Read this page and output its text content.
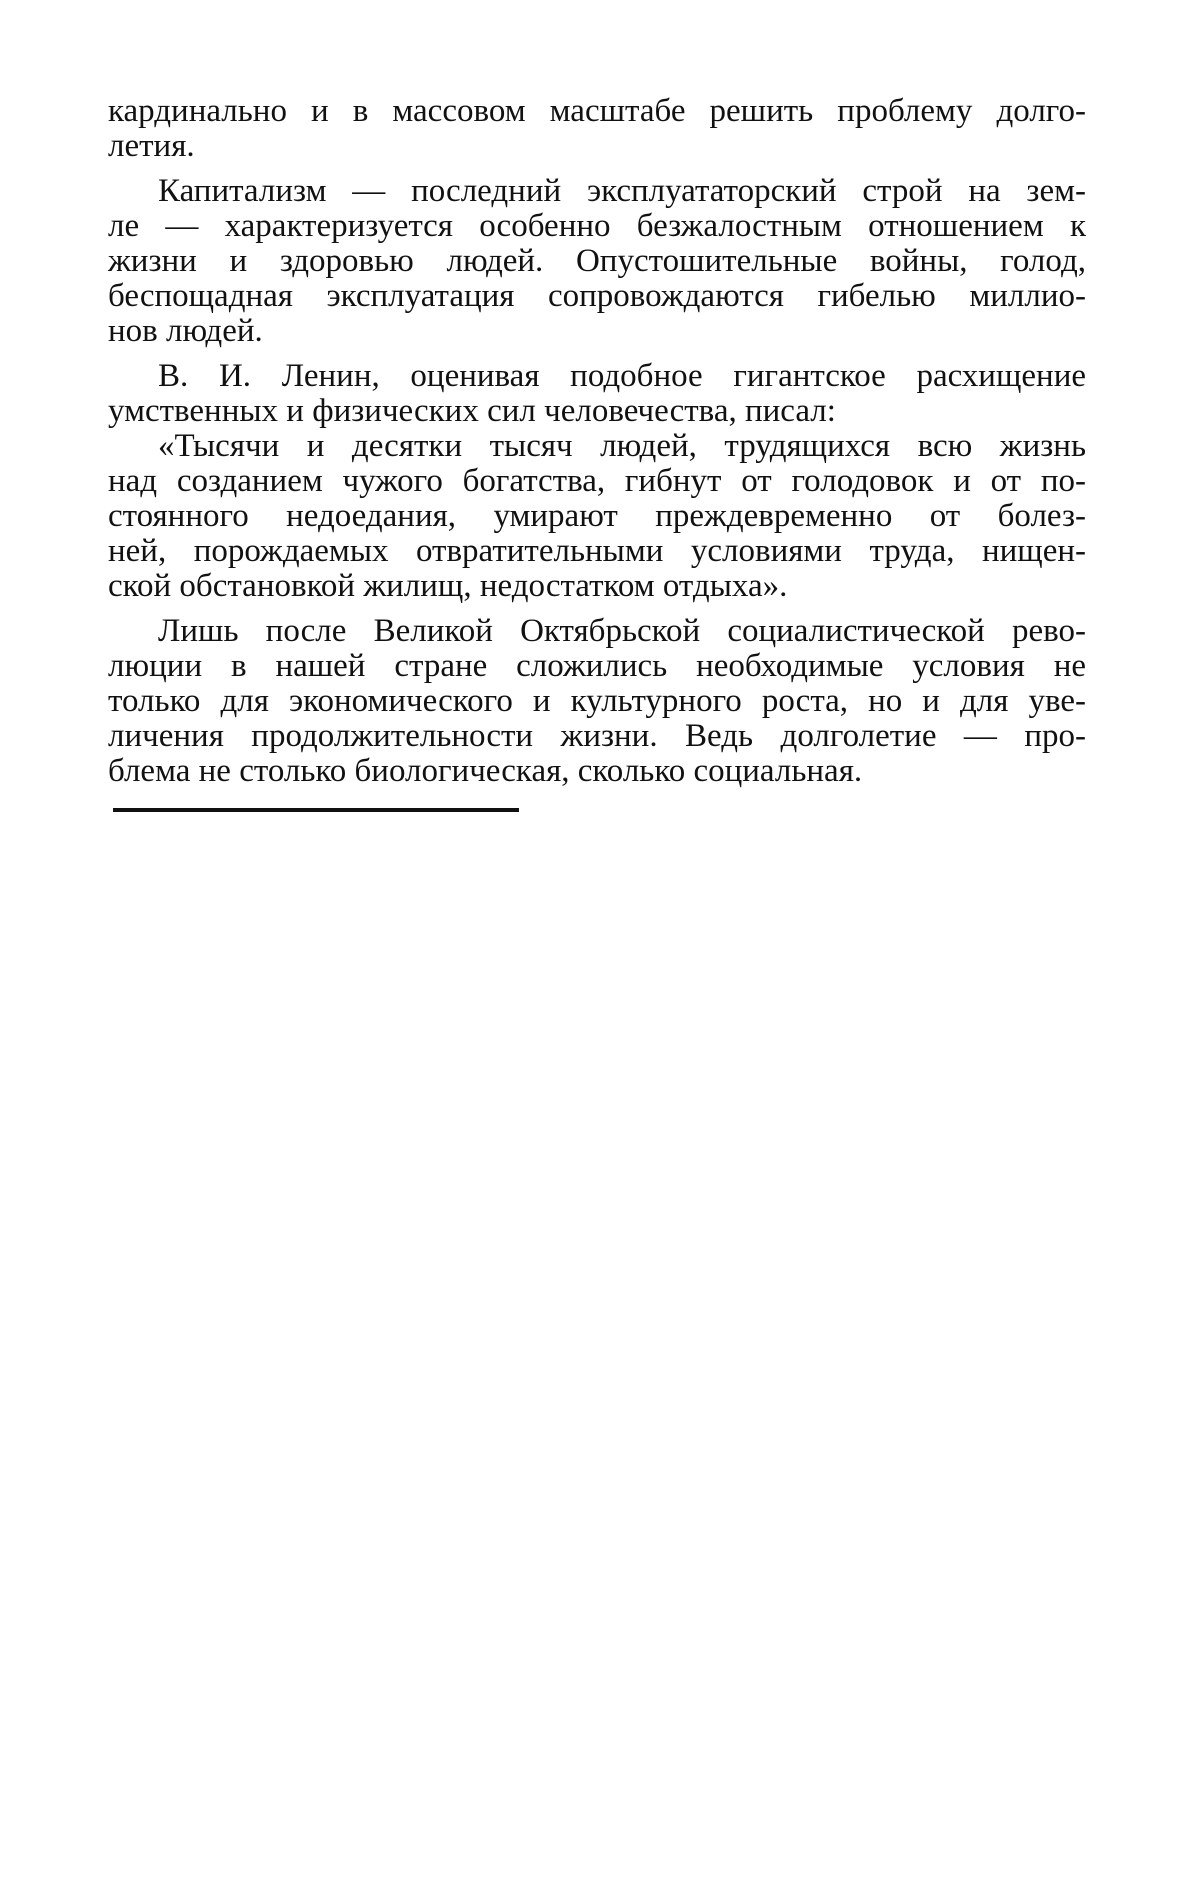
кардинально и в массовом масштабе решить проблему долго-
летия.
Капитализм — последний эксплуататорский строй на зем-
ле — характеризуется особенно безжалостным отношением к
жизни и здоровью людей. Опустошительные войны, голод,
беспощадная эксплуатация сопровождаются гибелью миллио-
нов людей.
В. И. Ленин, оценивая подобное гигантское расхищение
умственных и физических сил человечества, писал:
«Тысячи и десятки тысяч людей, трудящихся всю жизнь
над созданием чужого богатства, гибнут от голодовок и от по-
стоянного недоедания, умирают преждевременно от болез-
ней, порождаемых отвратительными условиями труда, нищен-
ской обстановкой жилищ, недостатком отдыха».
Лишь после Великой Октябрьской социалистической рево-
люции в нашей стране сложились необходимые условия не
только для экономического и культурного роста, но и для уве-
личения продолжительности жизни. Ведь долголетие — про-
блема не столько биологическая, сколько социальная.
